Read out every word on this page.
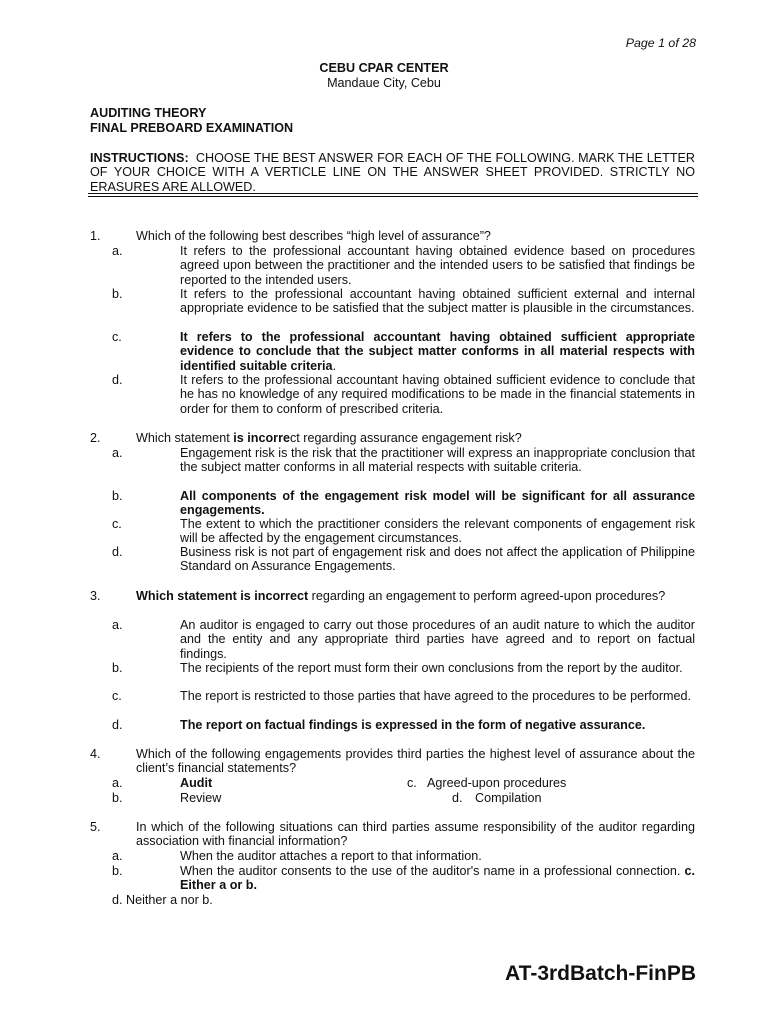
Page 1 of 28
CEBU CPAR CENTER
Mandaue City, Cebu
AUDITING THEORY
FINAL PREBOARD EXAMINATION
INSTRUCTIONS: CHOOSE THE BEST ANSWER FOR EACH OF THE FOLLOWING. MARK THE LETTER OF YOUR CHOICE WITH A VERTICLE LINE ON THE ANSWER SHEET PROVIDED. STRICTLY NO ERASURES ARE ALLOWED.
1.	Which of the following best describes “high level of assurance”?
a.	It refers to the professional accountant having obtained evidence based on procedures agreed upon between the practitioner and the intended users to be satisfied that findings be reported to the intended users.
b.	It refers to the professional accountant having obtained sufficient external and internal appropriate evidence to be satisfied that the subject matter is plausible in the circumstances.
c.	It refers to the professional accountant having obtained sufficient appropriate evidence to conclude that the subject matter conforms in all material respects with identified suitable criteria.
d.	It refers to the professional accountant having obtained sufficient evidence to conclude that he has no knowledge of any required modifications to be made in the financial statements in order for them to conform of prescribed criteria.
2.	Which statement is incorrect regarding assurance engagement risk?
a.	Engagement risk is the risk that the practitioner will express an inappropriate conclusion that the subject matter conforms in all material respects with suitable criteria.
b.	All components of the engagement risk model will be significant for all assurance engagements.
c.	The extent to which the practitioner considers the relevant components of engagement risk will be affected by the engagement circumstances.
d.	Business risk is not part of engagement risk and does not affect the application of Philippine Standard on Assurance Engagements.
3.	Which statement is incorrect regarding an engagement to perform agreed-upon procedures?
a.	An auditor is engaged to carry out those procedures of an audit nature to which the auditor and the entity and any appropriate third parties have agreed and to report on factual findings.
b.	The recipients of the report must form their own conclusions from the report by the auditor.
c.	The report is restricted to those parties that have agreed to the procedures to be performed.
d.	The report on factual findings is expressed in the form of negative assurance.
4.	Which of the following engagements provides third parties the highest level of assurance about the client’s financial statements?
a.	Audit	c. Agreed-upon procedures
b.	Review	d. Compilation
5.	In which of the following situations can third parties assume responsibility of the auditor regarding association with financial information?
a.	When the auditor attaches a report to that information.
b.	When the auditor consents to the use of the auditor's name in a professional connection. c. Either a or b.
d. Neither a nor b.
AT-3rdBatch-FinPB
